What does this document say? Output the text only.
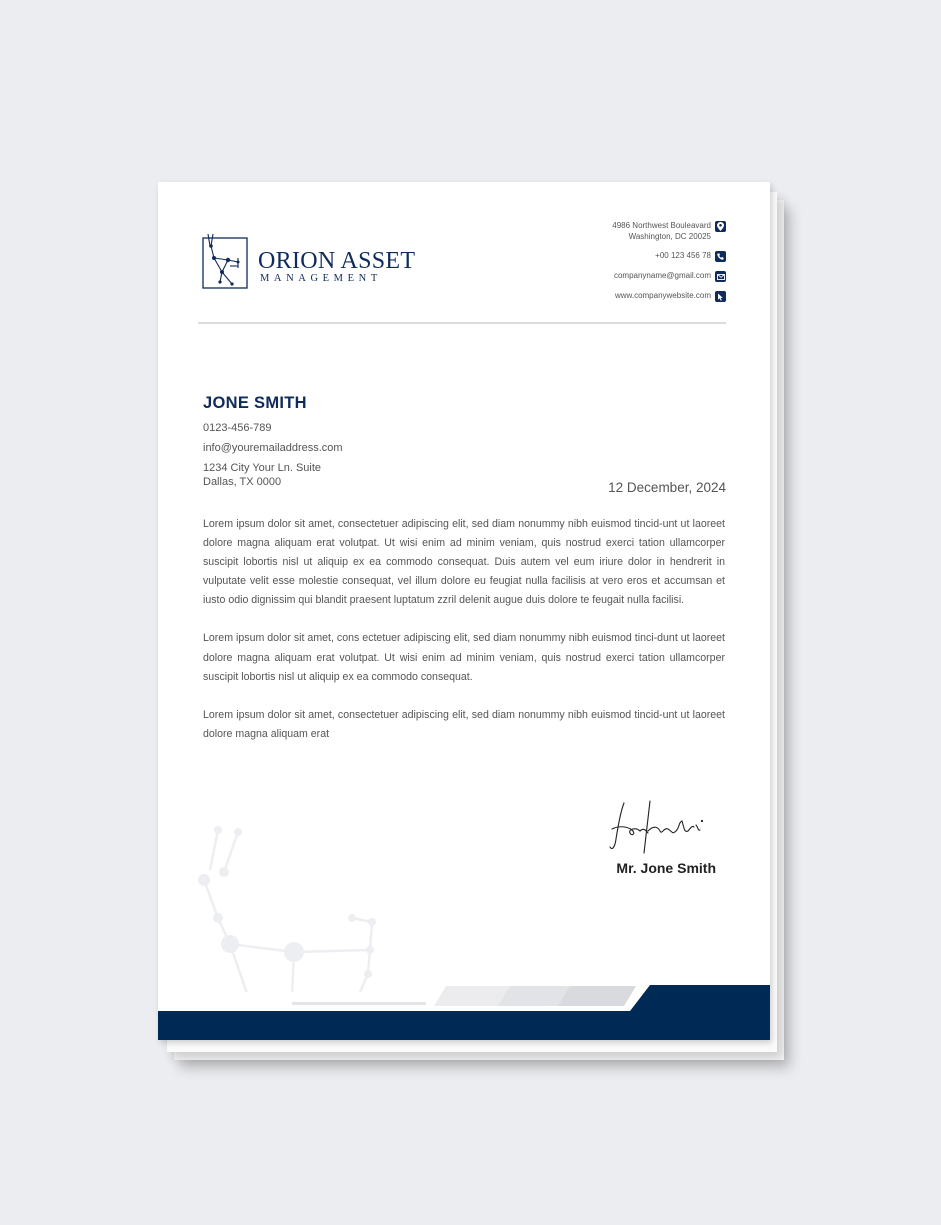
ORION ASSET
MANAGEMENT
4986 Northwest Bouleavard
Washington, DC 20025
+00 123 456 78
companyname@gmail.com
www.companywebsite.com
JONE SMITH
0123-456-789
info@youremailaddress.com
1234 City Your Ln. Suite
Dallas, TX 0000	12 December, 2024

Lorem ipsum dolor sit amet, consectetuer adipiscing elit, sed diam nonummy nibh euismod tincid-unt ut laoreet dolore magna aliquam erat volutpat. Ut wisi enim ad minim veniam, quis nostrud exerci tation ullamcorper suscipit lobortis nisl ut aliquip ex ea commodo consequat. Duis autem vel eum iriure dolor in hendrerit in vulputate velit esse molestie consequat, vel illum dolore eu feugiat nulla facilisis at vero eros et accumsan et iusto odio dignissim qui blandit praesent luptatum zzril delenit augue duis dolore te feugait nulla facilisi.

Lorem ipsum dolor sit amet, cons ectetuer adipiscing elit, sed diam nonummy nibh euismod tinci-dunt ut laoreet dolore magna aliquam erat volutpat. Ut wisi enim ad minim veniam, quis nostrud exerci tation ullamcorper suscipit lobortis nisl ut aliquip ex ea commodo consequat.

Lorem ipsum dolor sit amet, consectetuer adipiscing elit, sed diam nonummy nibh euismod tincid-unt ut laoreet dolore magna aliquam erat

Mr. Jone Smith
